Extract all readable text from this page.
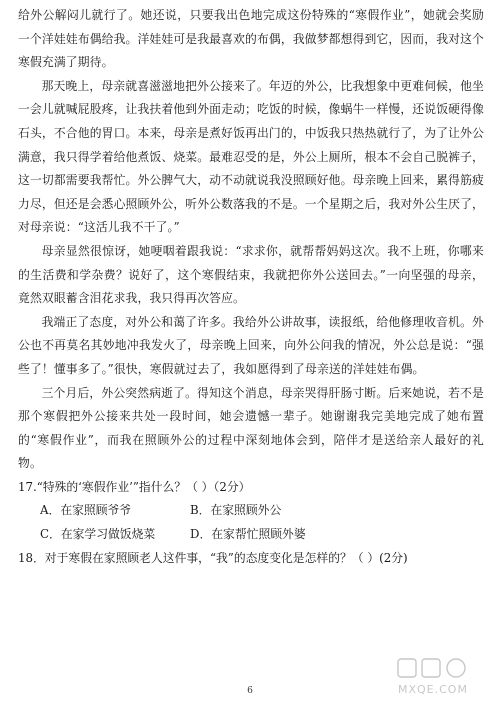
给外公解闷儿就行了。她还说，只要我出色地完成这份特殊的“寒假作业”，她就会奖励一个洋娃娃布偶给我。洋娃娃可是我最喜欢的布偶，我做梦都想得到它，因而，我对这个寒假充满了期待。

那天晚上，母亲就喜滋滋地把外公接来了。年迈的外公，比我想象中更难伺候，他坐一会儿就喊屁股疼，让我扶着他到外面走动；吃饭的时候，像蜗牛一样慢，还说饭硬得像石头，不合他的胃口。本来，母亲是煮好饭再出门的，中饭我只热热就行了，为了让外公满意，我只得学着给他煮饭、烧菜。最难忍受的是，外公上厕所，根本不会自己脱裤子，这一切都需要我帮忙。外公脾气大，动不动就说我没照顾好他。母亲晚上回来，累得筋疲力尽，但还是会悉心照顾外公，听外公数落我的不是。一个星期之后，我对外公生厌了，对母亲说：“这活儿我不干了。”

母亲显然很惊讶，她哽咽着跟我说：“求求你，就帮帮妈妈这次。我不上班，你哪来的生活费和学杂费？说好了，这个寒假结束，我就把你外公送回去。”一向坚强的母亲，竟然双眼蓄含泪花求我，我只得再次答应。

我端正了态度，对外公和蔼了许多。我给外公讲故事，读报纸，给他修理收音机。外公也不再莫名其妙地冲我发火了，母亲晚上回来，向外公问我的情况，外公总是说：“强些了！懂事多了。”很快，寒假就过去了，我如愿得到了母亲送的洋娃娃布偶。

三个月后，外公突然病逝了。得知这个消息，母亲哭得肝肠寸断。后来她说，若不是那个寒假把外公接来共处一段时间，她会遗憾一辈子。她谢谢我完美地完成了她布置的“寒假作业”，而我在照顾外公的过程中深刻地体会到，陪伴才是送给亲人最好的礼物。

17.“特殊的‘寒假作业’”指什么？（ ）（2分）

A．在家照顾爷爷	B．在家照顾外公
C．在家学习做饭烧菜	D．在家帮忙照顾外婆

18．对于寒假在家照顾老人这件事，“我”的态度变化是怎样的？（ ）(2分)

6	MXQE.COM
